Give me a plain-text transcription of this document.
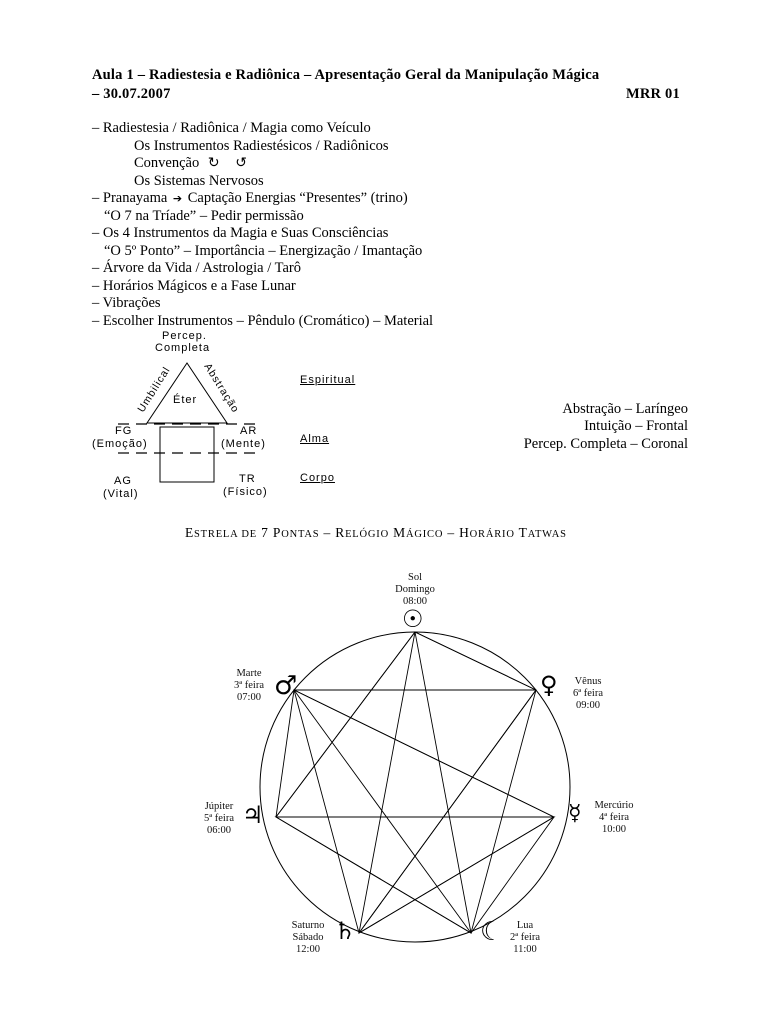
Aula 1 – Radiestesia e Radiônica – Apresentação Geral da Manipulação Mágica
– 30.07.2007	MRR 01
– Radiestesia / Radiônica / Magia como Veículo
Os Instrumentos Radiestésicos / Radiônicos
Convenção ↻ ↺
Os Sistemas Nervosos
– Pranayama ➔ Captação Energias “Presentes” (trino)
“O 7 na Tríade” – Pedir permissão
– Os 4 Instrumentos da Magia e Suas Consciências
“O 5º Ponto” – Importância – Energização / Imantação
– Árvore da Vida / Astrologia / Tarô
– Horários Mágicos e a Fase Lunar
– Vibrações
– Escolher Instrumentos – Pêndulo (Cromático) – Material
Percep.
Completa
Umbilical	Abstração
Éter
FG
(Emoção)
AR
(Mente)
AG
(Vital)
TR
(Físico)
Espiritual
Alma
Corpo
Abstração – Laríngeo
Intuição – Frontal
Percep. Completa – Coronal
ESTRELA DE 7 PONTAS – RELÓGIO MÁGICO – HORÁRIO TATWAS
Sol
Domingo
08:00
☉
♀	Vênus
6ª feira
09:00
☿	Mercúrio
4ª feira
10:00
☾	Lua
2ª feira
11:00
Saturno
Sábado
12:00
♄
Júpiter
5ª feira
06:00
♃
Marte
3ª feira
07:00 ♂
